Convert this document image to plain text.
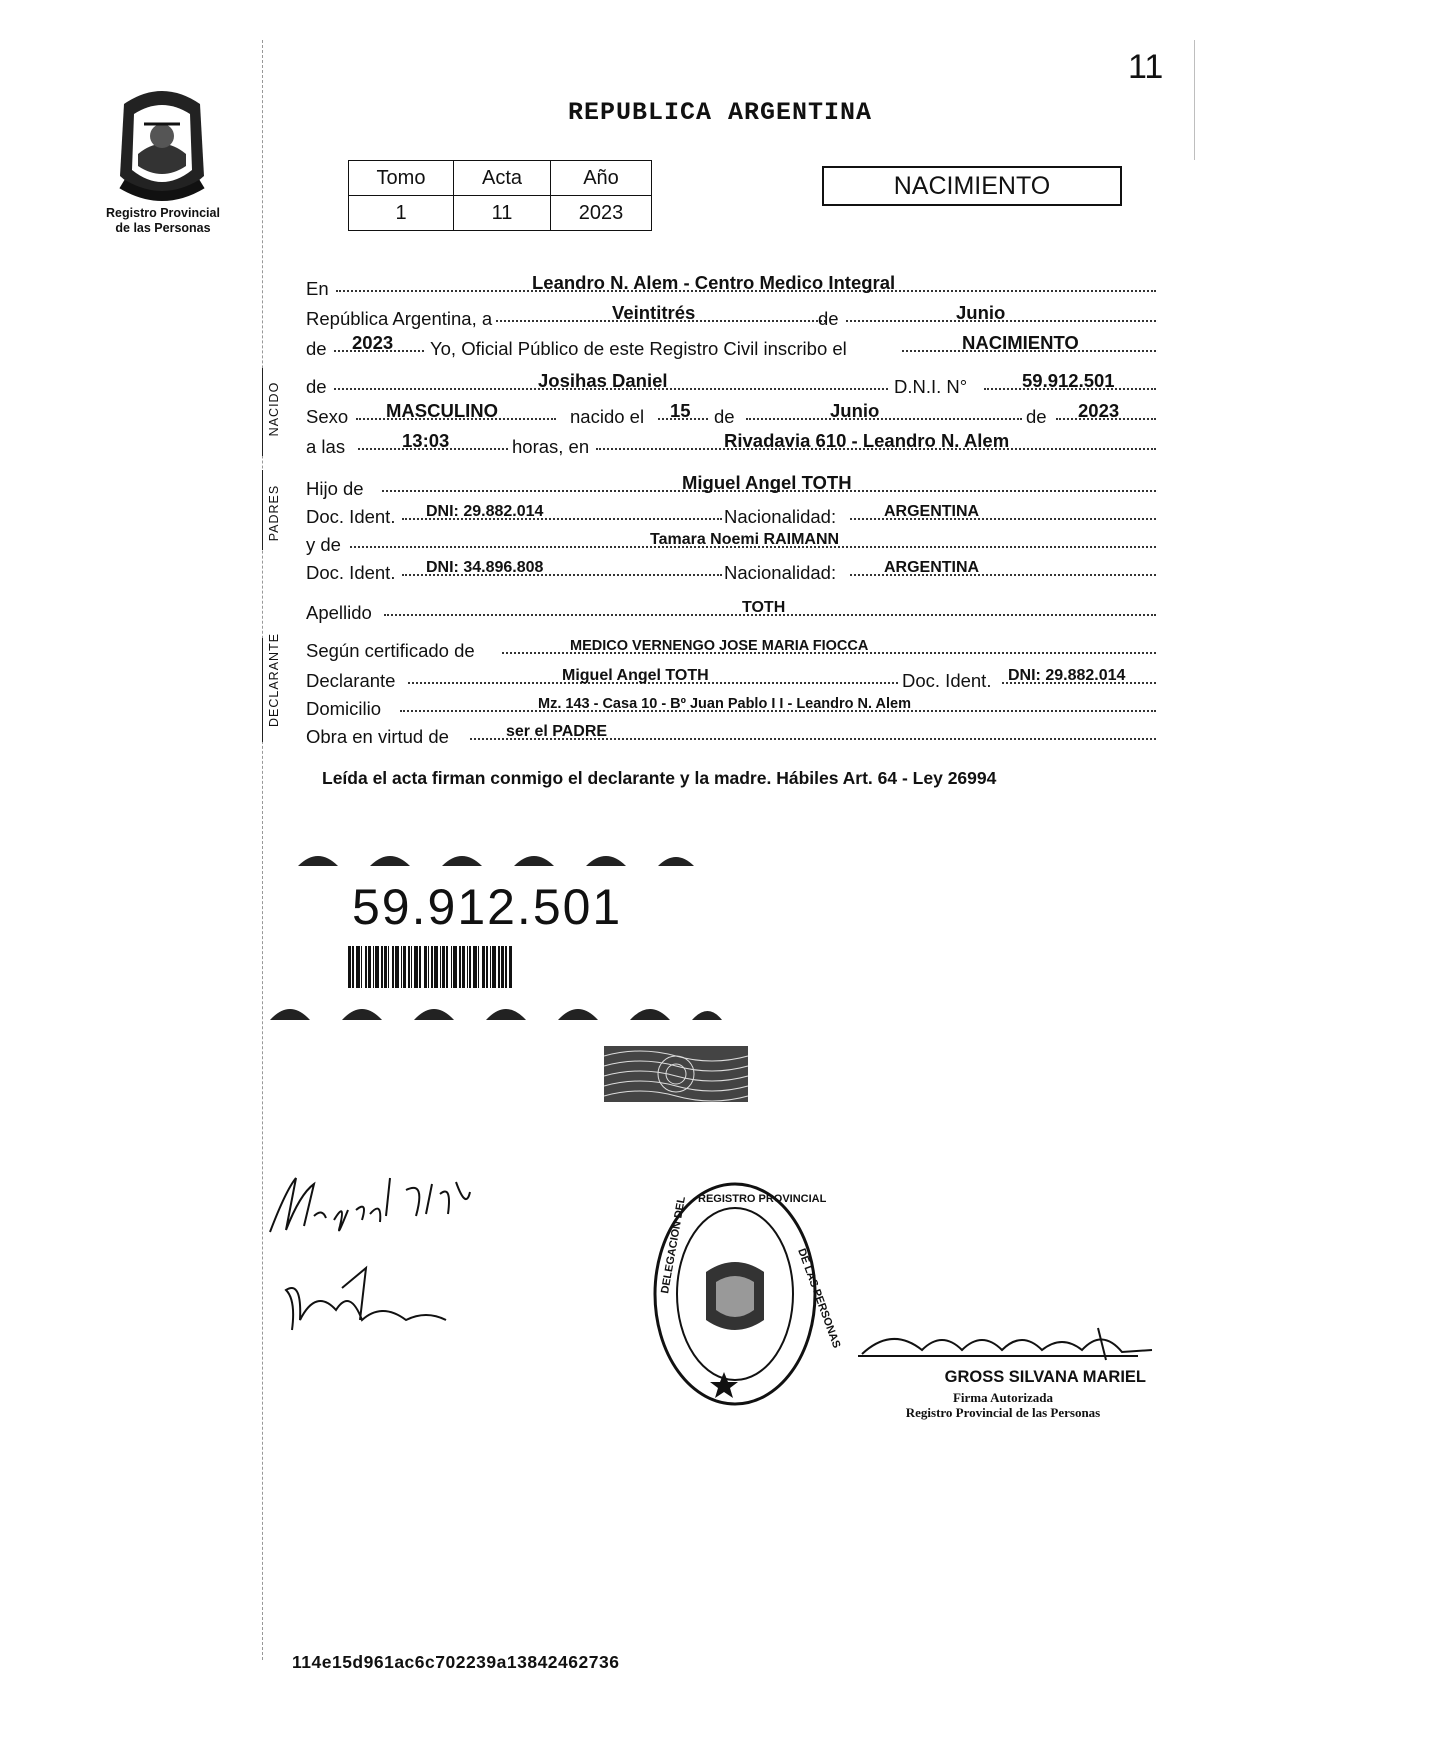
11
Registro Provincial
de las Personas
REPUBLICA ARGENTINA
Tomo	Acta	Año
1	11	2023
NACIMIENTO
NACIDO
PADRES
DECLARANTE
En	Leandro N. Alem - Centro Medico Integral
República Argentina, a	Veintitrés	de	Junio
de 2023 Yo, Oficial Público de este Registro Civil inscribo el	NACIMIENTO
de	Josihas Daniel	D.N.I. N°	59.912.501
Sexo MASCULINO	nacido el 15 de	Junio	de 2023
a las	13:03	horas, en	Rivadavia 610 - Leandro N. Alem
Hijo de	Miguel Angel TOTH
Doc. Ident. DNI: 29.882.014	Nacionalidad:	ARGENTINA
y de	Tamara Noemi RAIMANN
Doc. Ident. DNI: 34.896.808	Nacionalidad:	ARGENTINA
Apellido	TOTH
Según certificado de	MEDICO VERNENGO JOSE MARIA FIOCCA
Declarante	Miguel Angel TOTH	Doc. Ident. DNI: 29.882.014
Domicilio	Mz. 143 - Casa 10 - Bº Juan Pablo I I - Leandro N. Alem
Obra en virtud de	ser el PADRE
Leída el acta firman conmigo el declarante y la madre. Hábiles Art. 64 - Ley 26994
59.912.501
DELEGACION DEL
DE LAS PERSONAS
REGISTRO PROVINCIAL
GROSS SILVANA MARIEL
Firma Autorizada
Registro Provincial de las Personas
114e15d961ac6c702239a13842462736
